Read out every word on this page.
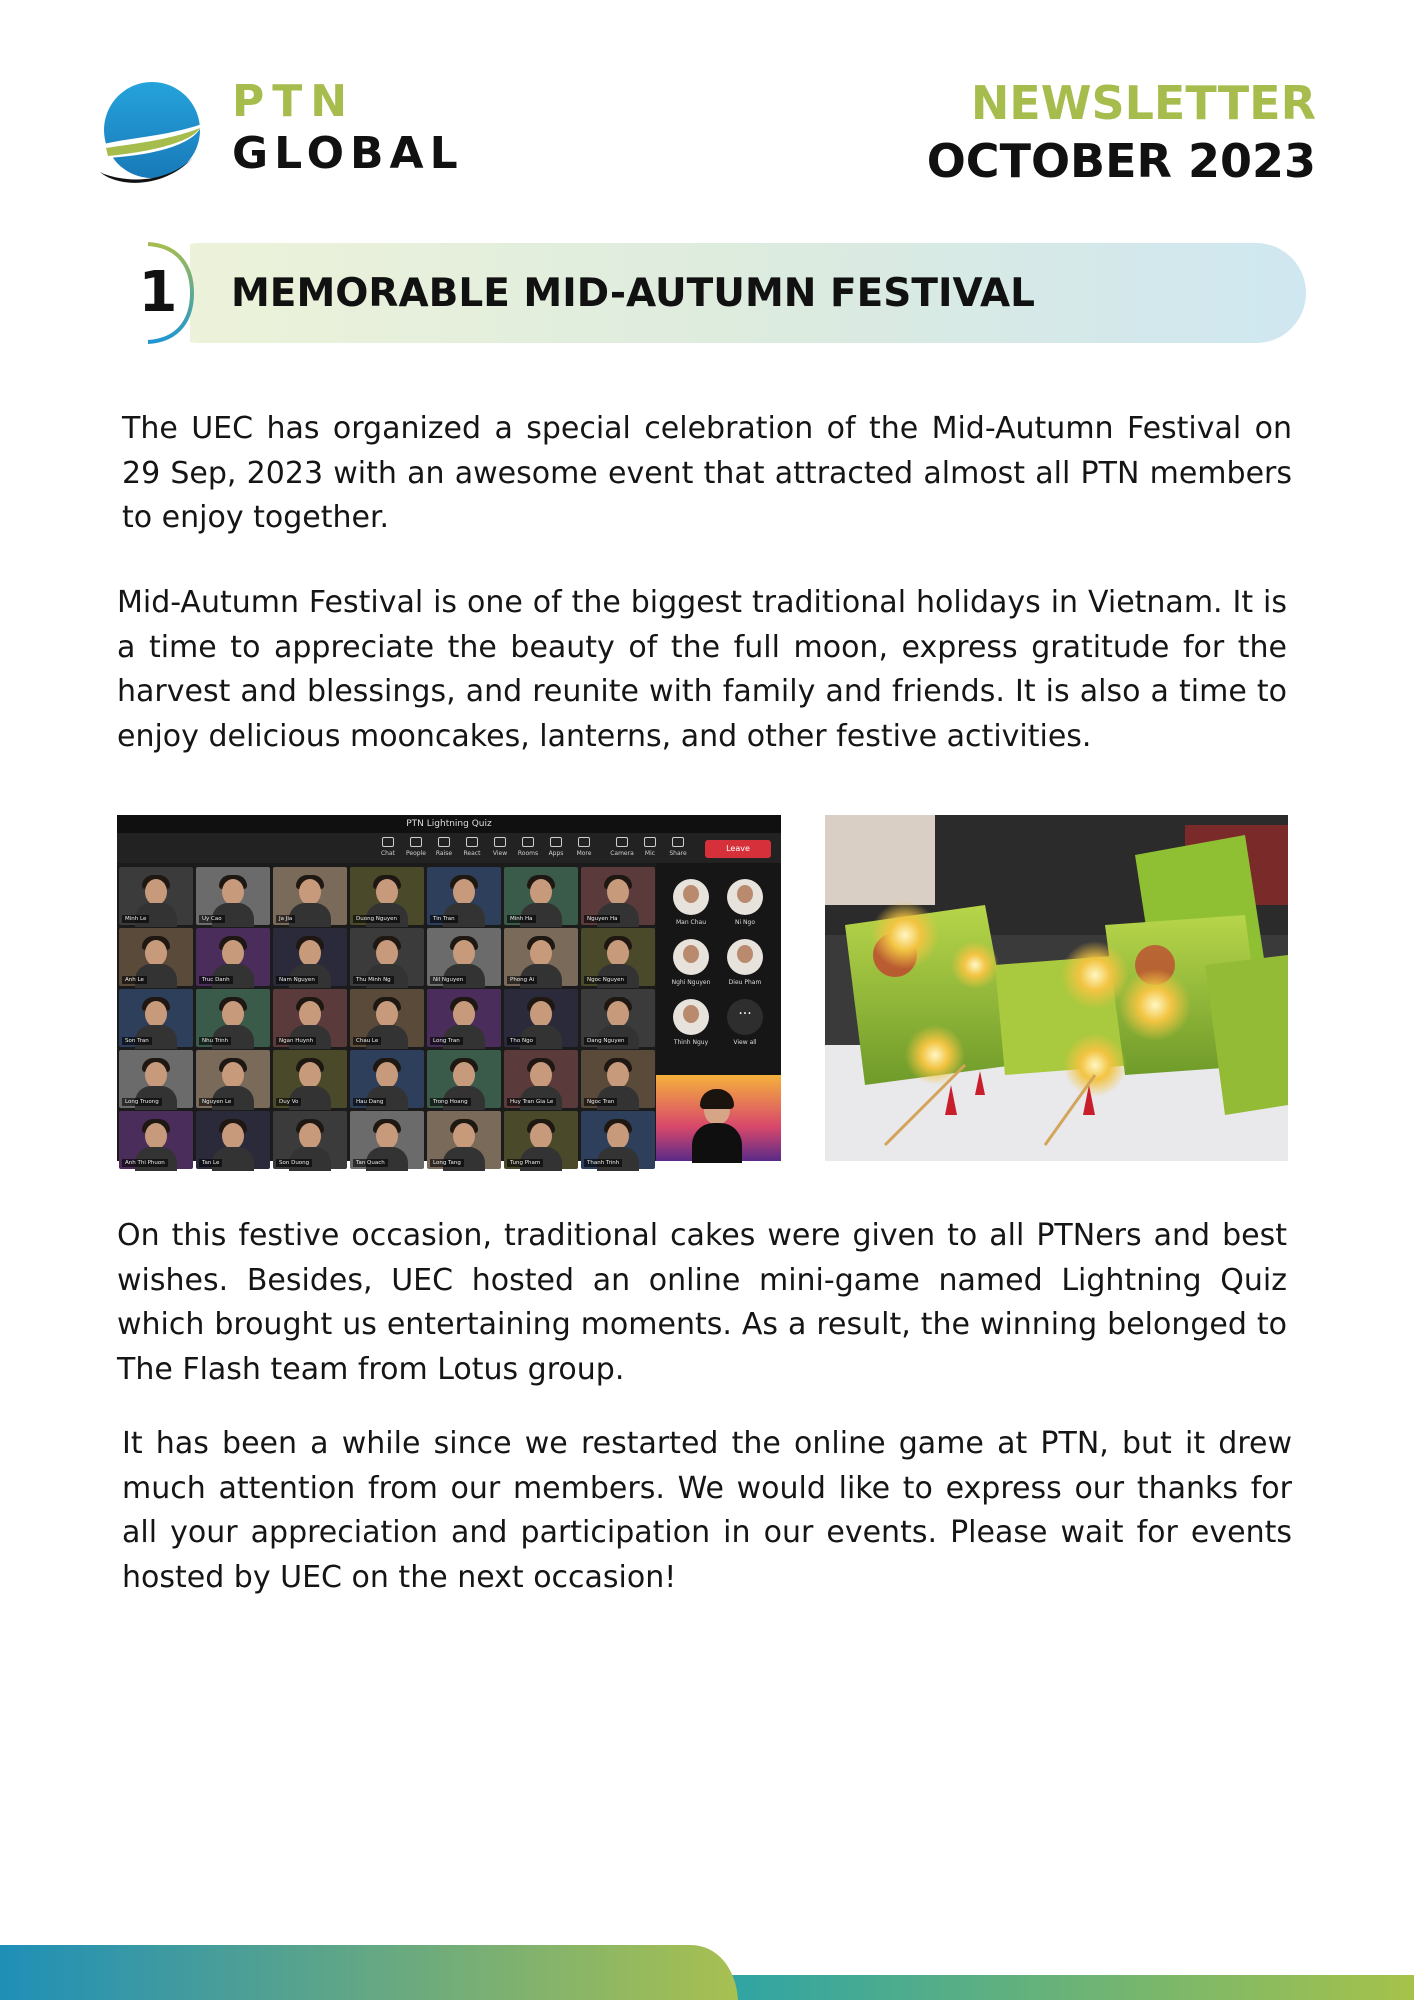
PTN
GLOBAL
NEWSLETTER
OCTOBER 2023
1 MEMORABLE MID-AUTUMN FESTIVAL
The UEC has organized a special celebration of the Mid-Autumn Festival on 29 Sep, 2023 with an awesome event that attracted almost all PTN members to enjoy together.
Mid-Autumn Festival is one of the biggest traditional holidays in Vietnam. It is a time to appreciate the beauty of the full moon, express gratitude for the harvest and blessings, and reunite with family and friends. It is also a time to enjoy delicious mooncakes, lanterns, and other festive activities.
PTN Lightning Quiz
Chat	People	Raise	React	View	Rooms	Apps	More	Camera	Mic	Share
Leave
Minh Le	Uy Cao	Ja Jia	Duong Nguyen	Tin Tran	Minh Ha	Nguyen Ha
Anh Le	Truc Danh	Nam Nguyen	Thu Minh Ng	Nil Nguyen	Phong Ai	Ngoc Nguyen
Son Tran	Nhu Trinh	Ngan Huynh	Chau Le	Long Tran	Tho Ngo	Dang Nguyen
Long Truong	Nguyen Le	Duy Vo	Hau Dang	Trong Hoang	Huy Tran Gia Le	Ngoc Tran
Anh Thi Phuon	Tan Le	Son Duong	Tan Quach	Long Tang	Tung Pham	Thanh Trinh
Man Chau	Ni Ngo
Nghi Nguyen	Dieu Pham
Thinh Nguy
···
View all
On this festive occasion, traditional cakes were given to all PTNers and best wishes. Besides, UEC hosted an online mini-game named Lightning Quiz which brought us entertaining moments. As a result, the winning belonged to The Flash team from Lotus group.
It has been a while since we restarted the online game at PTN, but it drew much attention from our members. We would like to express our thanks for all your appreciation and participation in our events. Please wait for events hosted by UEC on the next occasion!
